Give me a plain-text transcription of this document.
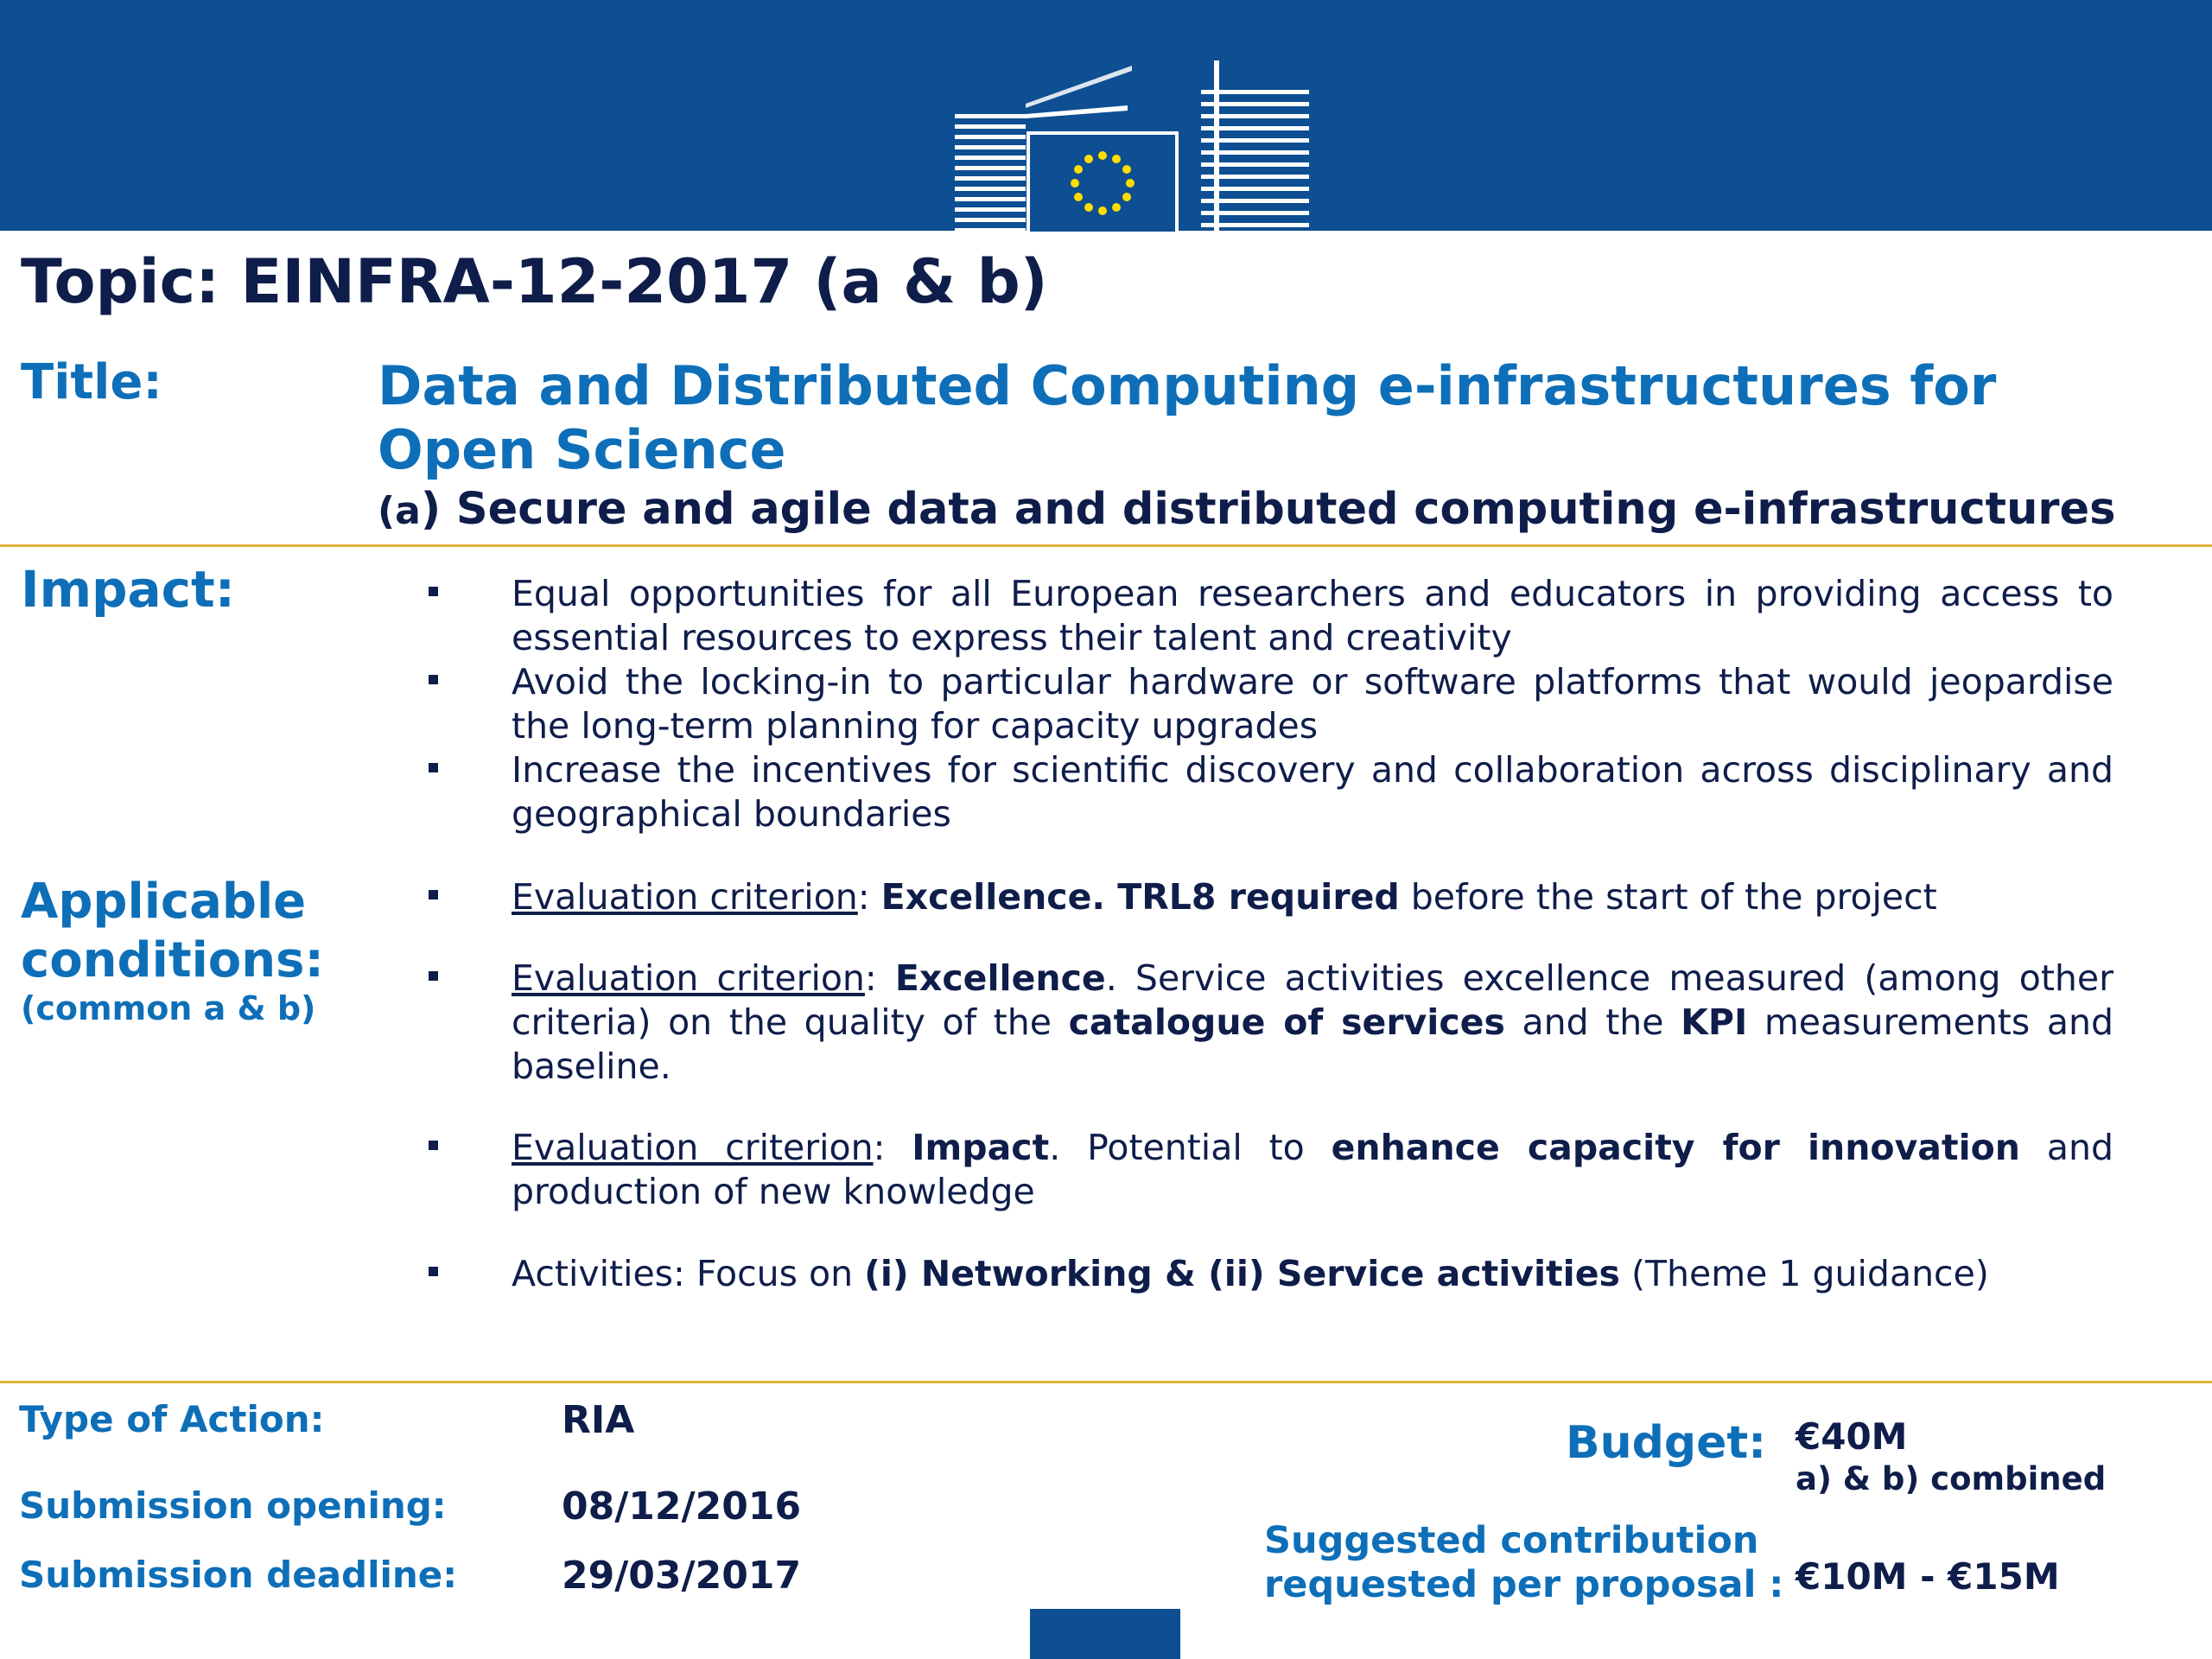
Topic: EINFRA-12-2017 (a & b)
Title:	Data and Distributed Computing e-infrastructures for Open Science
(a) Secure and agile data and distributed computing e-infrastructures
Impact:	Equal opportunities for all European researchers and educators in providing access to essential resources to express their talent and creativity
Avoid the locking-in to particular hardware or software platforms that would jeopardise the long-term planning for capacity upgrades
Increase the incentives for scientific discovery and collaboration across disciplinary and geographical boundaries
Applicable conditions:
(common a & b)
Evaluation criterion: Excellence. TRL8 required before the start of the project
Evaluation criterion: Excellence. Service activities excellence measured (among other criteria) on the quality of the catalogue of services and the KPI measurements and baseline.
Evaluation criterion: Impact. Potential to enhance capacity for innovation and production of new knowledge
Activities: Focus on (i) Networking & (ii) Service activities (Theme 1 guidance)
Type of Action:	RIA
Submission opening:	08/12/2016
Submission deadline:	29/03/2017
Budget: €40M
a) & b) combined
Suggested contribution
requested per proposal : €10M - €15M
